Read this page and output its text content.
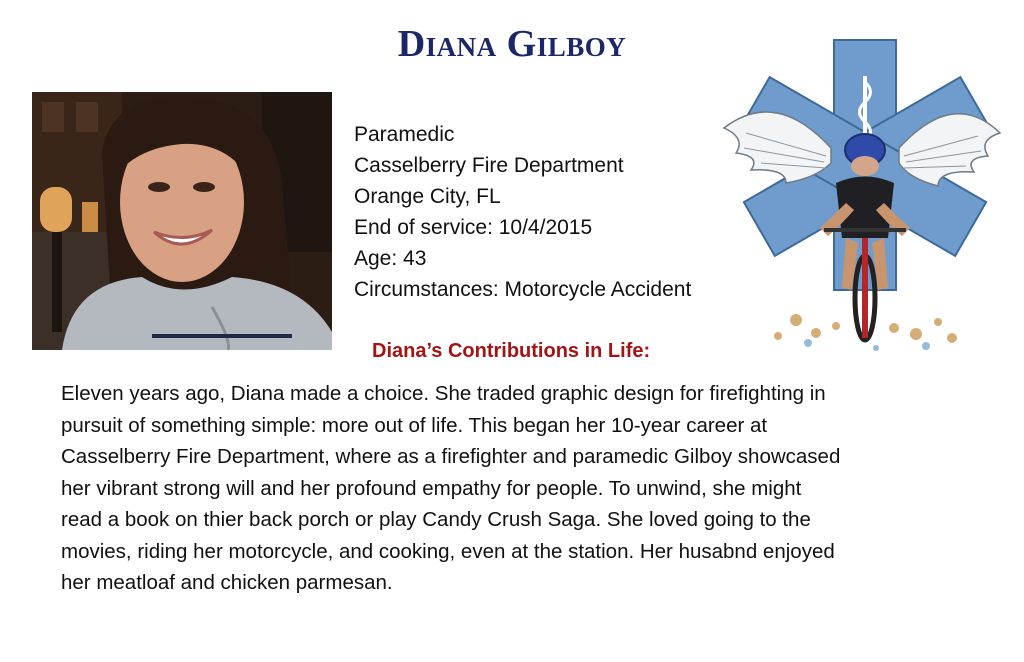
Diana Gilboy
Paramedic
Casselberry Fire Department
Orange City, FL
End of service: 10/4/2015
Age: 43
Circumstances: Motorcycle Accident
Diana’s Contributions in Life:
Eleven years ago, Diana made a choice. She traded graphic design for firefighting in
pursuit of something simple: more out of life. This began her 10-year career at
Casselberry Fire Department, where as a firefighter and paramedic Gilboy showcased
her vibrant strong will and her profound empathy for people. To unwind, she might
read a book on thier back porch or play Candy Crush Saga. She loved going to the
movies, riding her motorcycle, and cooking, even at the station. Her husabnd enjoyed
her meatloaf and chicken parmesan.
